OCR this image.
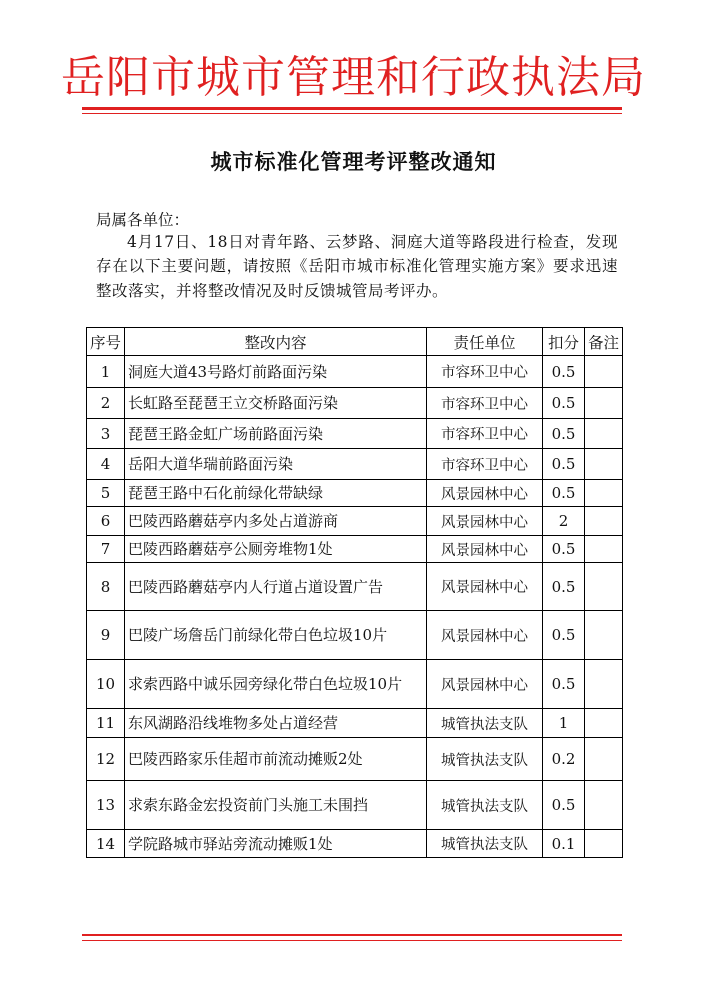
岳阳市城市管理和行政执法局
城市标准化管理考评整改通知
局属各单位：
4月17日、18日对青年路、云梦路、洞庭大道等路段进行检查，发现存在以下主要问题，请按照《岳阳市城市标准化管理实施方案》要求迅速整改落实，并将整改情况及时反馈城管局考评办。
序号	整改内容	责任单位	扣分	备注
1	洞庭大道43号路灯前路面污染	市容环卫中心	0.5	
2	长虹路至琵琶王立交桥路面污染	市容环卫中心	0.5	
3	琵琶王路金虹广场前路面污染	市容环卫中心	0.5	
4	岳阳大道华瑞前路面污染	市容环卫中心	0.5	
5	琵琶王路中石化前绿化带缺绿	风景园林中心	0.5	
6	巴陵西路蘑菇亭内多处占道游商	风景园林中心	2	
7	巴陵西路蘑菇亭公厕旁堆物1处	风景园林中心	0.5	
8	巴陵西路蘑菇亭内人行道占道设置广告	风景园林中心	0.5	
9	巴陵广场詹岳门前绿化带白色垃圾10片	风景园林中心	0.5	
10	求索西路中诚乐园旁绿化带白色垃圾10片	风景园林中心	0.5	
11	东风湖路沿线堆物多处占道经营	城管执法支队	1	
12	巴陵西路家乐佳超市前流动摊贩2处	城管执法支队	0.2	
13	求索东路金宏投资前门头施工未围挡	城管执法支队	0.5	
14	学院路城市驿站旁流动摊贩1处	城管执法支队	0.1	
